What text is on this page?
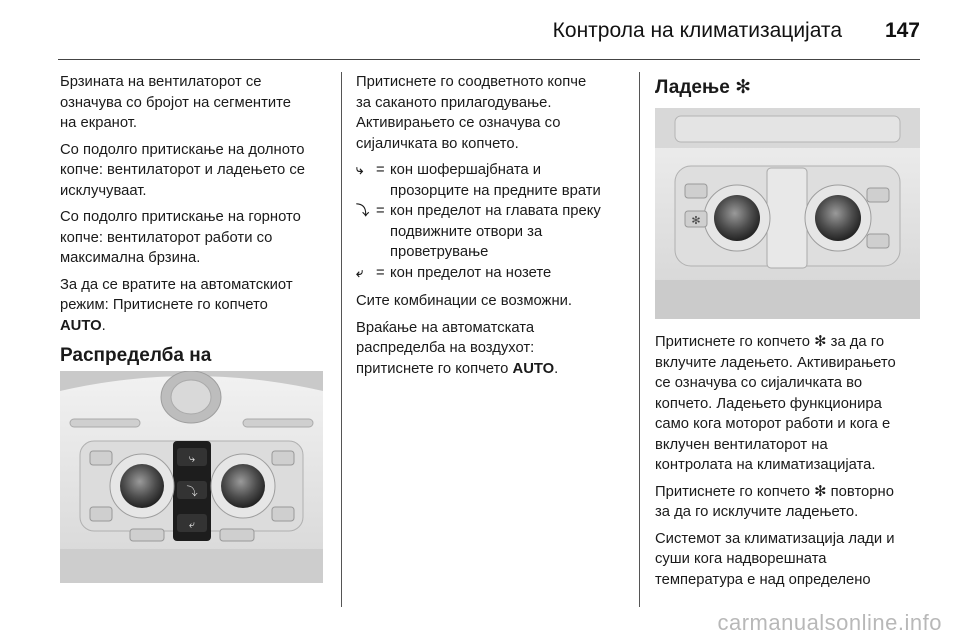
Контрола на климатизацијата 147

Брзината на вентилаторот се
означува со бројот на сегментите
на екранот.

Со подолго притискање на долното
копче: вентилаторот и ладењето се
исклучуваат.

Со подолго притискање на горното
копче: вентилаторот работи со
максимална брзина.

За да се вратите на автоматскиот
режим: Притиснете го копчето
AUTO.

Распределба на
⤷
⤵
⤶

Притиснете го соодветното копче
за саканото прилагодување.
Активирањето се означува со
сијаличката во копчето.

⤷ = кон шофершајбната и
прозорците на предните врати
⤵ = кон пределот на главата преку
подвижните отвори за
проветрување
⤶ = кон пределот на нозете

Сите комбинации се возможни.

Враќање на автоматската
распределба на воздухот:
притиснете го копчето AUTO.

Ладење ✻
✻

Притиснете го копчето ✻ за да го
вклучите ладењето. Активирањето
се означува со сијаличката во
копчето. Ладењето функционира
само кога моторот работи и кога е
вклучен вентилаторот на
контролата на климатизацијата.

Притиснете го копчето ✻ повторно
за да го исклучите ладењето.

Системот за климатизација лади и
суши кога надворешната
температура е над определено

carmanualsonline.info
